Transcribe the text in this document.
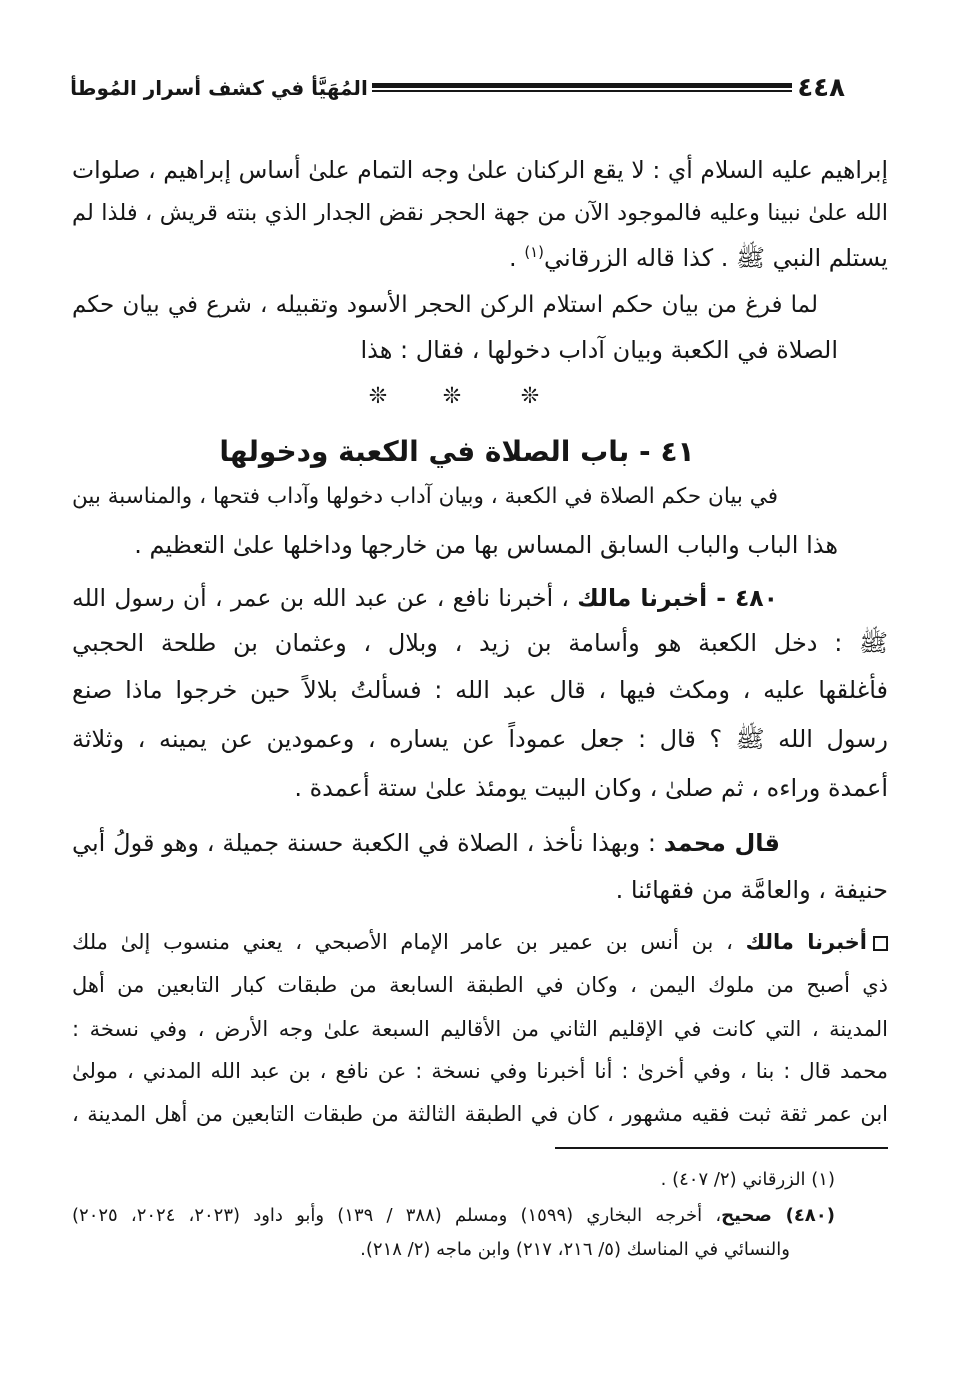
٤٤٨
المُهَيَّأ في كشف أسرار المُوطأ
إبراهيم عليه السلام أي : لا يقع الركنان علىٰ وجه التمام علىٰ أساس إبراهيم ، صلوات
الله علىٰ نبينا وعليه فالموجود الآن من جهة الحجر نقض الجدار الذي بنته قريش ، فلذا لم
يستلم النبي ﷺ . كذا قاله الزرقاني$^{(١)}$ .
لما فرغ من بيان حكم استلام الركن الحجر الأسود وتقبيله ، شرع في بيان حكم
الصلاة في الكعبة وبيان آداب دخولها ، فقال : هذا
❊	❊	❊
٤١ - باب الصلاة في الكعبة ودخولها
في بيان حكم الصلاة في الكعبة ، وبيان آداب دخولها وآداب فتحها ، والمناسبة بين
هذا الباب والباب السابق المساس بها من خارجها وداخلها علىٰ التعظيم .
٤٨٠ - أخبرنا مالك ، أخبرنا نافع ، عن عبد الله بن عمر ، أن رسول الله
ﷺ : دخل الكعبة هو وأسامة بن زيد ، وبلال ، وعثمان بن طلحة الحجبي
فأغلقها عليه ، ومكث فيها ، قال عبد الله : فسألتُ بلالاً حين خرجوا ماذا صنع
رسول الله ﷺ ؟ قال : جعل عموداً عن يساره ، وعمودين عن يمينه ، وثلاثة
أعمدة وراءه ، ثم صلىٰ ، وكان البيت يومئذ علىٰ ستة أعمدة .
قال محمد : وبهذا نأخذ ، الصلاة في الكعبة حسنة جميلة ، وهو قولُ أبي
حنيفة ، والعامَّة من فقهائنا .
أخبرنا مالك ، بن أنس بن عمير بن عامر الإمام الأصبحي ، يعني منسوب إلىٰ ملك
ذي أصبح من ملوك اليمن ، وكان في الطبقة السابعة من طبقات كبار التابعين من أهل
المدينة ، التي كانت في الإقليم الثاني من الأقاليم السبعة علىٰ وجه الأرض ، وفي نسخة :
محمد قال : بنا ، وفي أخرىٰ : أنا أخبرنا وفي نسخة : عن نافع ، بن عبد الله المدني ، مولىٰ
ابن عمر ثقة ثبت فقيه مشهور ، كان في الطبقة الثالثة من طبقات التابعين من أهل المدينة ،
(١) الزرقاني (٢/ ٤٠٧) .
(٤٨٠) صحيح، أخرجه البخاري (١٥٩٩) ومسلم (٣٨٨ / ١٣٩) وأبو داود (٢٠٢٣، ٢٠٢٤، ٢٠٢٥)
والنسائي في المناسك (٥/ ٢١٦، ٢١٧) وابن ماجه (٢/ ٢١٨).
